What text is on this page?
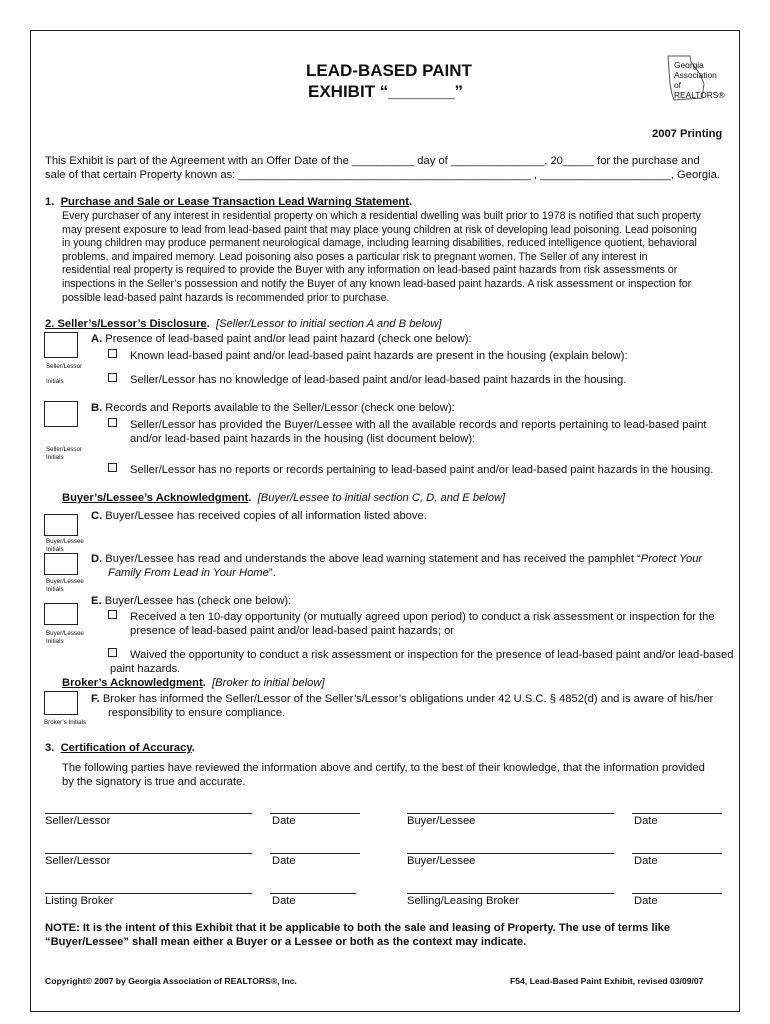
LEAD-BASED PAINT
EXHIBIT “_______”
Georgia
Association
of REALTORS®
2007 Printing
This Exhibit is part of the Agreement with an Offer Date of the __________ day of _______________, 20_____ for the purchase and
sale of that certain Property known as: _______________________________________________ , _____________________, Georgia.
1. Purchase and Sale or Lease Transaction Lead Warning Statement.
Every purchaser of any interest in residential property on which a residential dwelling was built prior to 1978 is notified that such property
may present exposure to lead from lead-based paint that may place young children at risk of developing lead poisoning. Lead poisoning
in young children may produce permanent neurological damage, including learning disabilities, reduced intelligence quotient, behavioral
problems, and impaired memory. Lead poisoning also poses a particular risk to pregnant women. The Seller of any interest in
residential real property is required to provide the Buyer with any information on lead-based paint hazards from risk assessments or
inspections in the Seller’s possession and notify the Buyer of any known lead-based paint hazards. A risk assessment or inspection for
possible lead-based paint hazards is recommended prior to purchase.
2. Seller’s/Lessor’s Disclosure. [Seller/Lessor to initial section A and B below]
Seller/Lessor
Initials
A. Presence of lead-based paint and/or lead paint hazard (check one below):
Known lead-based paint and/or lead-based paint hazards are present in the housing (explain below):
Seller/Lessor has no knowledge of lead-based paint and/or lead-based paint hazards in the housing.
Seller/Lessor
Initials
B. Records and Reports available to the Seller/Lessor (check one below):
Seller/Lessor has provided the Buyer/Lessee with all the available records and reports pertaining to lead-based paint
and/or lead-based paint hazards in the housing (list document below):
Seller/Lessor has no reports or records pertaining to lead-based paint and/or lead-based paint hazards in the housing.
Buyer’s/Lessee’s Acknowledgment. [Buyer/Lessee to initial section C, D, and E below]
Buyer/Lessee
Initials
C. Buyer/Lessee has received copies of all information listed above.
Buyer/Lessee
Initials
D. Buyer/Lessee has read and understands the above lead warning statement and has received the pamphlet “Protect Your
Family From Lead in Your Home”.
Buyer/Lessee
Initials
E. Buyer/Lessee has (check one below):
Received a ten 10-day opportunity (or mutually agreed upon period) to conduct a risk assessment or inspection for the
presence of lead-based paint and/or lead-based paint hazards; or
Waived the opportunity to conduct a risk assessment or inspection for the presence of lead-based paint and/or lead-based
paint hazards.
Broker’s Acknowledgment. [Broker to initial below]
Broker’s Initials
F. Broker has informed the Seller/Lessor of the Seller’s/Lessor’s obligations under 42 U.S.C. § 4852(d) and is aware of his/her
responsibility to ensure compliance.
3. Certification of Accuracy.
The following parties have reviewed the information above and certify, to the best of their knowledge, that the information provided
by the signatory is true and accurate.
Seller/Lessor	Date	Buyer/Lessee	Date
Seller/Lessor	Date	Buyer/Lessee	Date
Listing Broker	Date	Selling/Leasing Broker	Date
NOTE: It is the intent of this Exhibit that it be applicable to both the sale and leasing of Property. The use of terms like
“Buyer/Lessee” shall mean either a Buyer or a Lessee or both as the context may indicate.
Copyright© 2007 by Georgia Association of REALTORS®, Inc.	F54, Lead-Based Paint Exhibit, revised 03/09/07
